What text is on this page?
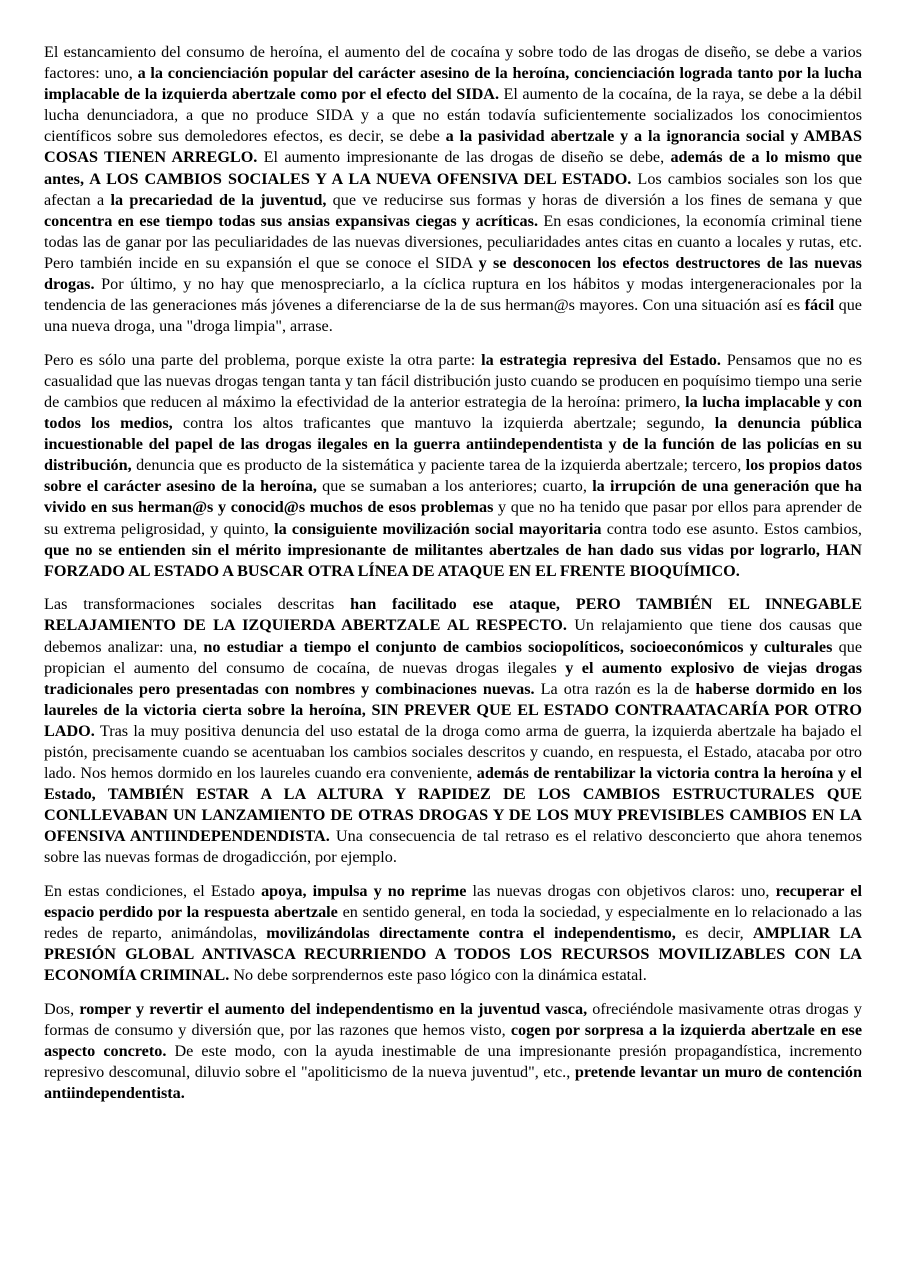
El estancamiento del consumo de heroína, el aumento del de cocaína y sobre todo de las drogas de diseño, se debe a varios factores: uno, a la concienciación popular del carácter asesino de la heroína, concienciación lograda tanto por la lucha implacable de la izquierda abertzale como por el efecto del SIDA. El aumento de la cocaína, de la raya, se debe a la débil lucha denunciadora, a que no produce SIDA y a que no están todavía suficientemente socializados los conocimientos científicos sobre sus demoledores efectos, es decir, se debe a la pasividad abertzale y a la ignorancia social y AMBAS COSAS TIENEN ARREGLO. El aumento impresionante de las drogas de diseño se debe, además de a lo mismo que antes, A LOS CAMBIOS SOCIALES Y A LA NUEVA OFENSIVA DEL ESTADO. Los cambios sociales son los que afectan a la precariedad de la juventud, que ve reducirse sus formas y horas de diversión a los fines de semana y que concentra en ese tiempo todas sus ansias expansivas ciegas y acríticas. En esas condiciones, la economía criminal tiene todas las de ganar por las peculiaridades de las nuevas diversiones, peculiaridades antes citas en cuanto a locales y rutas, etc. Pero también incide en su expansión el que se conoce el SIDA y se desconocen los efectos destructores de las nuevas drogas. Por último, y no hay que menospreciarlo, a la cíclica ruptura en los hábitos y modas intergeneracionales por la tendencia de las generaciones más jóvenes a diferenciarse de la de sus herman@s mayores. Con una situación así es fácil que una nueva droga, una "droga limpia", arrase.

Pero es sólo una parte del problema, porque existe la otra parte: la estrategia represiva del Estado. Pensamos que no es casualidad que las nuevas drogas tengan tanta y tan fácil distribución justo cuando se producen en poquísimo tiempo una serie de cambios que reducen al máximo la efectividad de la anterior estrategia de la heroína: primero, la lucha implacable y con todos los medios, contra los altos traficantes que mantuvo la izquierda abertzale; segundo, la denuncia pública incuestionable del papel de las drogas ilegales en la guerra antiindependentista y de la función de las policías en su distribución, denuncia que es producto de la sistemática y paciente tarea de la izquierda abertzale; tercero, los propios datos sobre el carácter asesino de la heroína, que se sumaban a los anteriores; cuarto, la irrupción de una generación que ha vivido en sus herman@s y conocid@s muchos de esos problemas y que no ha tenido que pasar por ellos para aprender de su extrema peligrosidad, y quinto, la consiguiente movilización social mayoritaria contra todo ese asunto. Estos cambios, que no se entienden sin el mérito impresionante de militantes abertzales de han dado sus vidas por lograrlo, HAN FORZADO AL ESTADO A BUSCAR OTRA LÍNEA DE ATAQUE EN EL FRENTE BIOQUÍMICO.

Las transformaciones sociales descritas han facilitado ese ataque, PERO TAMBIÉN EL INNEGABLE RELAJAMIENTO DE LA IZQUIERDA ABERTZALE AL RESPECTO. Un relajamiento que tiene dos causas que debemos analizar: una, no estudiar a tiempo el conjunto de cambios sociopolíticos, socioeconómicos y culturales que propician el aumento del consumo de cocaína, de nuevas drogas ilegales y el aumento explosivo de viejas drogas tradicionales pero presentadas con nombres y combinaciones nuevas. La otra razón es la de haberse dormido en los laureles de la victoria cierta sobre la heroína, SIN PREVER QUE EL ESTADO CONTRAATACARÍA POR OTRO LADO. Tras la muy positiva denuncia del uso estatal de la droga como arma de guerra, la izquierda abertzale ha bajado el pistón, precisamente cuando se acentuaban los cambios sociales descritos y cuando, en respuesta, el Estado, atacaba por otro lado. Nos hemos dormido en los laureles cuando era conveniente, además de rentabilizar la victoria contra la heroína y el Estado, TAMBIÉN ESTAR A LA ALTURA Y RAPIDEZ DE LOS CAMBIOS ESTRUCTURALES QUE CONLLEVABAN UN LANZAMIENTO DE OTRAS DROGAS Y DE LOS MUY PREVISIBLES CAMBIOS EN LA OFENSIVA ANTIINDEPENDENDISTA. Una consecuencia de tal retraso es el relativo desconcierto que ahora tenemos sobre las nuevas formas de drogadicción, por ejemplo.

En estas condiciones, el Estado apoya, impulsa y no reprime las nuevas drogas con objetivos claros: uno, recuperar el espacio perdido por la respuesta abertzale en sentido general, en toda la sociedad, y especialmente en lo relacionado a las redes de reparto, animándolas, movilizándolas directamente contra el independentismo, es decir, AMPLIAR LA PRESIÓN GLOBAL ANTIVASCA RECURRIENDO A TODOS LOS RECURSOS MOVILIZABLES CON LA ECONOMÍA CRIMINAL. No debe sorprendernos este paso lógico con la dinámica estatal.

Dos, romper y revertir el aumento del independentismo en la juventud vasca, ofreciéndole masivamente otras drogas y formas de consumo y diversión que, por las razones que hemos visto, cogen por sorpresa a la izquierda abertzale en ese aspecto concreto. De este modo, con la ayuda inestimable de una impresionante presión propagandística, incremento represivo descomunal, diluvio sobre el "apoliticismo de la nueva juventud", etc., pretende levantar un muro de contención antiindependentista.
